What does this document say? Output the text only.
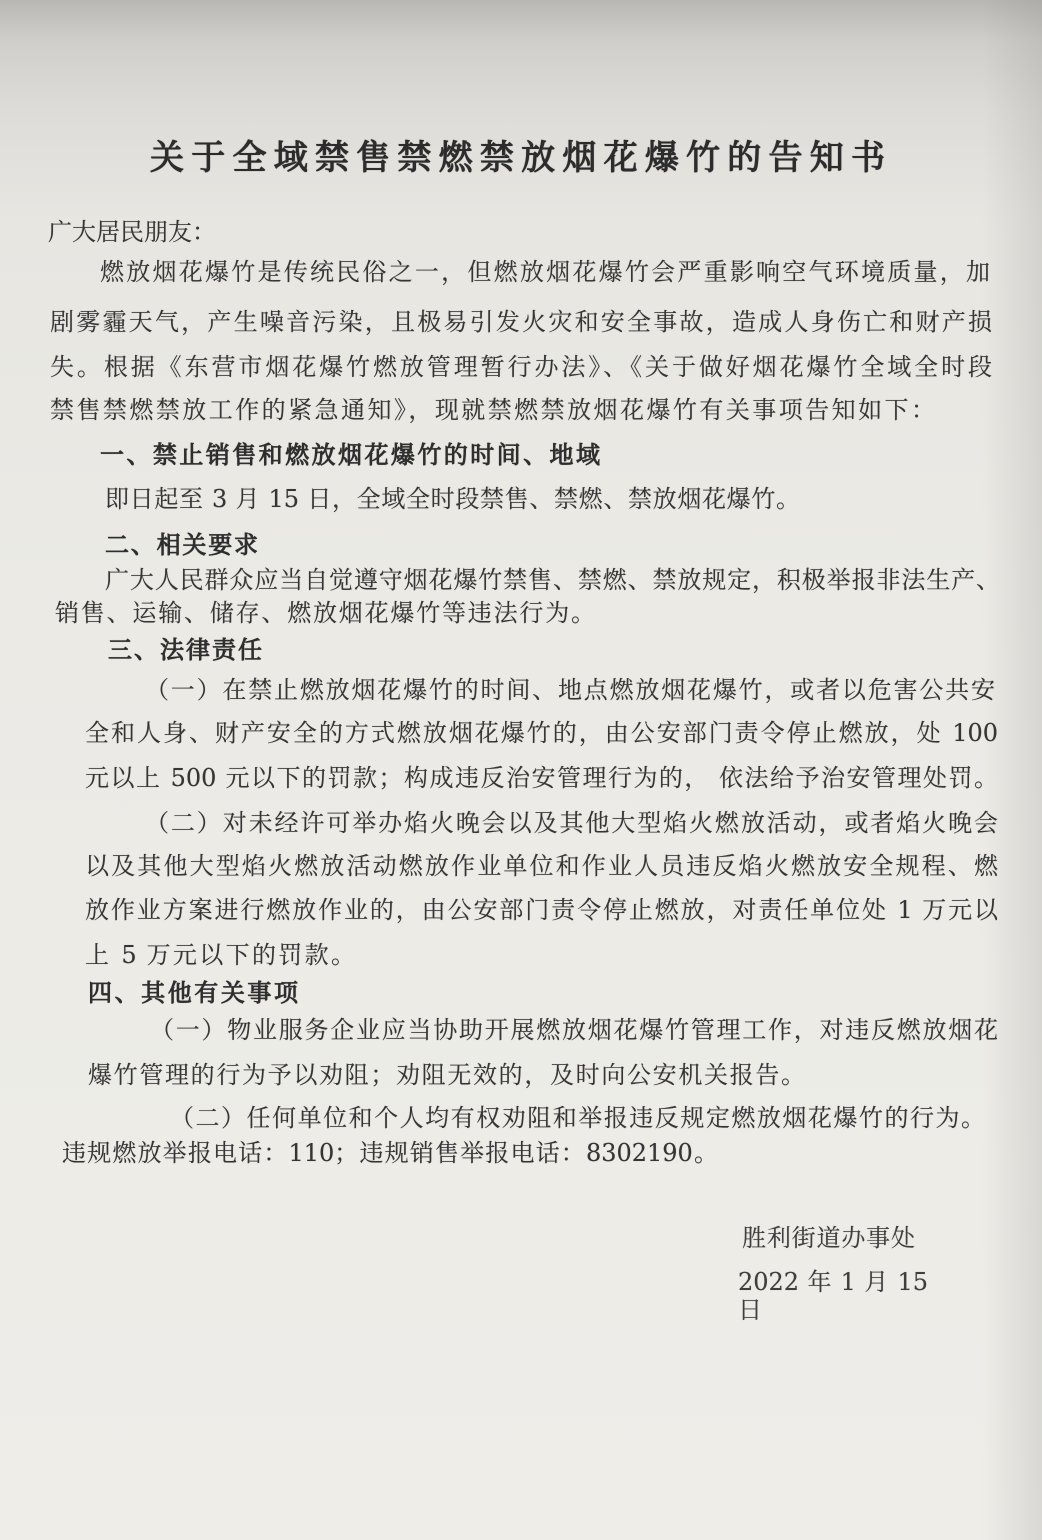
关于全域禁售禁燃禁放烟花爆竹的告知书
广大居民朋友：
燃放烟花爆竹是传统民俗之一，但燃放烟花爆竹会严重影响空气环境质量，加
剧雾霾天气，产生噪音污染，且极易引发火灾和安全事故，造成人身伤亡和财产损
失。根据《东营市烟花爆竹燃放管理暂行办法》、《关于做好烟花爆竹全域全时段
禁售禁燃禁放工作的紧急通知》，现就禁燃禁放烟花爆竹有关事项告知如下：
一、禁止销售和燃放烟花爆竹的时间、地域
即日起至 3 月 15 日，全域全时段禁售、禁燃、禁放烟花爆竹。
二、相关要求
广大人民群众应当自觉遵守烟花爆竹禁售、禁燃、禁放规定，积极举报非法生产、
销售、运输、储存、燃放烟花爆竹等违法行为。
三、法律责任
（一）在禁止燃放烟花爆竹的时间、地点燃放烟花爆竹，或者以危害公共安
全和人身、财产安全的方式燃放烟花爆竹的，由公安部门责令停止燃放，处 100
元以上 500 元以下的罚款；构成违反治安管理行为的， 依法给予治安管理处罚。
（二）对未经许可举办焰火晚会以及其他大型焰火燃放活动，或者焰火晚会
以及其他大型焰火燃放活动燃放作业单位和作业人员违反焰火燃放安全规程、燃
放作业方案进行燃放作业的，由公安部门责令停止燃放，对责任单位处 1 万元以
上 5 万元以下的罚款。
四、其他有关事项
（一）物业服务企业应当协助开展燃放烟花爆竹管理工作，对违反燃放烟花
爆竹管理的行为予以劝阻；劝阻无效的，及时向公安机关报告。
（二）任何单位和个人均有权劝阻和举报违反规定燃放烟花爆竹的行为。
违规燃放举报电话：110；违规销售举报电话：8302190。
胜利街道办事处
2022 年 1 月 15 日
